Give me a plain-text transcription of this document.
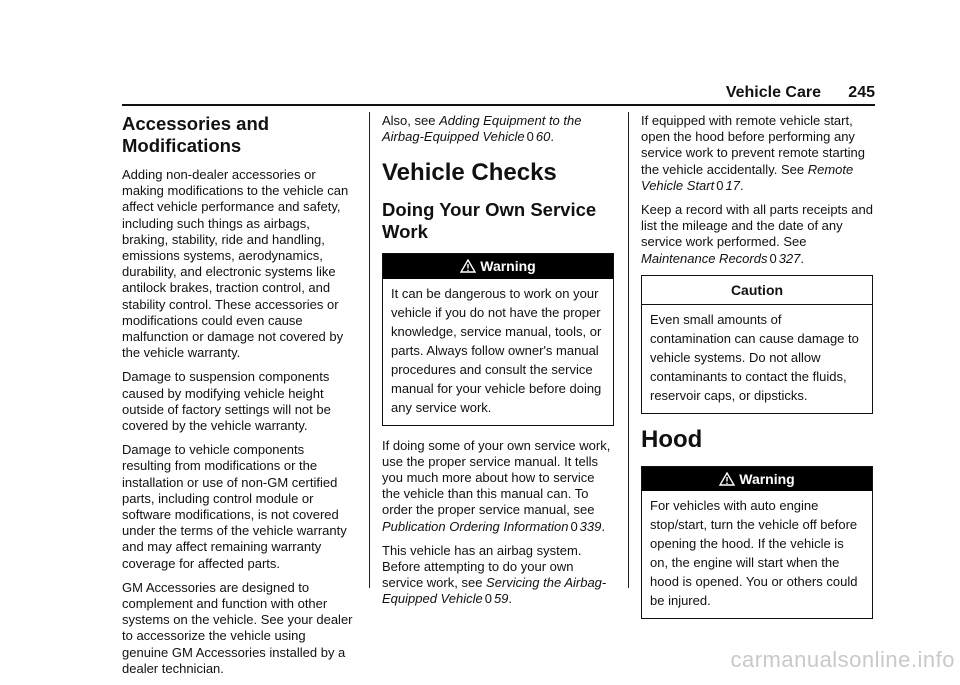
Vehicle Care 245
Accessories and Modifications

Adding non-dealer accessories or making modifications to the vehicle can affect vehicle performance and safety, including such things as airbags, braking, stability, ride and handling, emissions systems, aerodynamics, durability, and electronic systems like antilock brakes, traction control, and stability control. These accessories or modifications could even cause malfunction or damage not covered by the vehicle warranty.

Damage to suspension components caused by modifying vehicle height outside of factory settings will not be covered by the vehicle warranty.

Damage to vehicle components resulting from modifications or the installation or use of non-GM certified parts, including control module or software modifications, is not covered under the terms of the vehicle warranty and may affect remaining warranty coverage for affected parts.

GM Accessories are designed to complement and function with other systems on the vehicle. See your dealer to accessorize the vehicle using genuine GM Accessories installed by a dealer technician.

Also, see Adding Equipment to the Airbag-Equipped Vehicle 0 60.

Vehicle Checks
Doing Your Own Service Work
Warning
It can be dangerous to work on your vehicle if you do not have the proper knowledge, service manual, tools, or parts. Always follow owner's manual procedures and consult the service manual for your vehicle before doing any service work.

If doing some of your own service work, use the proper service manual. It tells you much more about how to service the vehicle than this manual can. To order the proper service manual, see Publication Ordering Information 0 339.

This vehicle has an airbag system. Before attempting to do your own service work, see Servicing the Airbag-Equipped Vehicle 0 59.

If equipped with remote vehicle start, open the hood before performing any service work to prevent remote starting the vehicle accidentally. See Remote Vehicle Start 0 17.

Keep a record with all parts receipts and list the mileage and the date of any service work performed. See Maintenance Records 0 327.

Caution
Even small amounts of contamination can cause damage to vehicle systems. Do not allow contaminants to contact the fluids, reservoir caps, or dipsticks.
Hood
Warning
For vehicles with auto engine stop/start, turn the vehicle off before opening the hood. If the vehicle is on, the engine will start when the hood is opened. You or others could be injured.
carmanualsonline.info
